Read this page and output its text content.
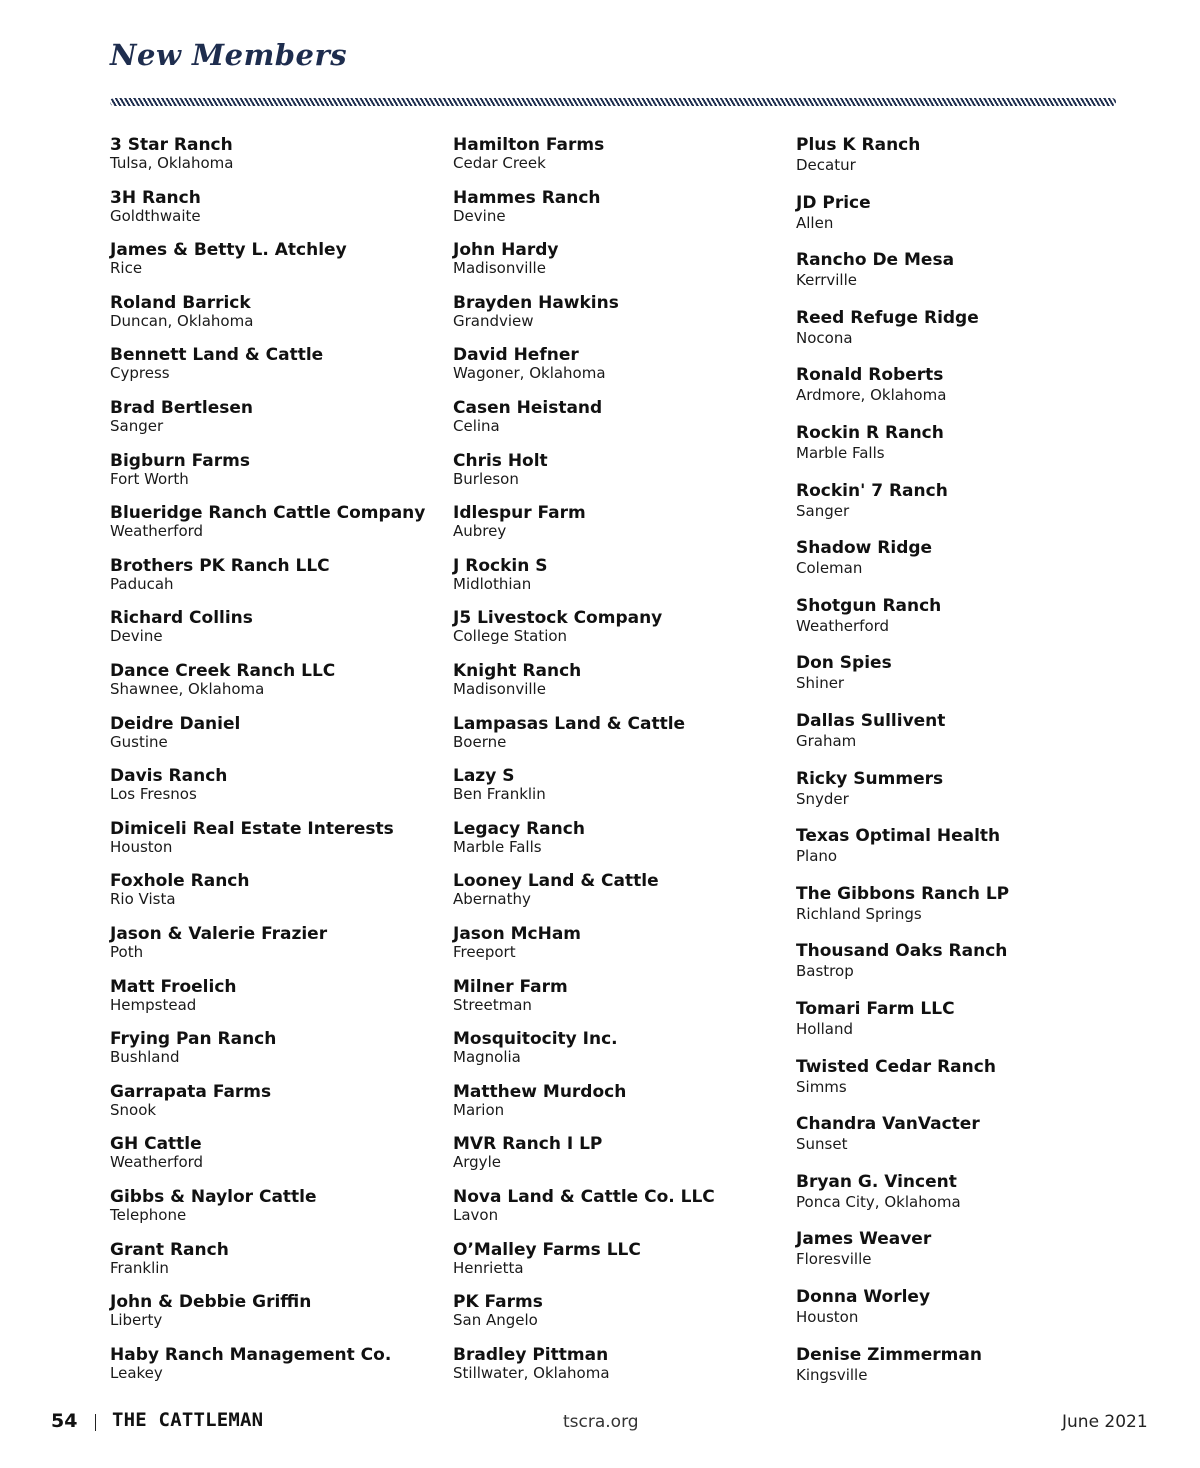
New Members
3 Star Ranch
Tulsa, Oklahoma
3H Ranch
Goldthwaite
James & Betty L. Atchley
Rice
Roland Barrick
Duncan, Oklahoma
Bennett Land & Cattle
Cypress
Brad Bertlesen
Sanger
Bigburn Farms
Fort Worth
Blueridge Ranch Cattle Company
Weatherford
Brothers PK Ranch LLC
Paducah
Richard Collins
Devine
Dance Creek Ranch LLC
Shawnee, Oklahoma
Deidre Daniel
Gustine
Davis Ranch
Los Fresnos
Dimiceli Real Estate Interests
Houston
Foxhole Ranch
Rio Vista
Jason & Valerie Frazier
Poth
Matt Froelich
Hempstead
Frying Pan Ranch
Bushland
Garrapata Farms
Snook
GH Cattle
Weatherford
Gibbs & Naylor Cattle
Telephone
Grant Ranch
Franklin
John & Debbie Griffin
Liberty
Haby Ranch Management Co.
Leakey
Hamilton Farms
Cedar Creek
Hammes Ranch
Devine
John Hardy
Madisonville
Brayden Hawkins
Grandview
David Hefner
Wagoner, Oklahoma
Casen Heistand
Celina
Chris Holt
Burleson
Idlespur Farm
Aubrey
J Rockin S
Midlothian
J5 Livestock Company
College Station
Knight Ranch
Madisonville
Lampasas Land & Cattle
Boerne
Lazy S
Ben Franklin
Legacy Ranch
Marble Falls
Looney Land & Cattle
Abernathy
Jason McHam
Freeport
Milner Farm
Streetman
Mosquitocity Inc.
Magnolia
Matthew Murdoch
Marion
MVR Ranch I LP
Argyle
Nova Land & Cattle Co. LLC
Lavon
O’Malley Farms LLC
Henrietta
PK Farms
San Angelo
Bradley Pittman
Stillwater, Oklahoma
Plus K Ranch
Decatur
JD Price
Allen
Rancho De Mesa
Kerrville
Reed Refuge Ridge
Nocona
Ronald Roberts
Ardmore, Oklahoma
Rockin R Ranch
Marble Falls
Rockin' 7 Ranch
Sanger
Shadow Ridge
Coleman
Shotgun Ranch
Weatherford
Don Spies
Shiner
Dallas Sullivent
Graham
Ricky Summers
Snyder
Texas Optimal Health
Plano
The Gibbons Ranch LP
Richland Springs
Thousand Oaks Ranch
Bastrop
Tomari Farm LLC
Holland
Twisted Cedar Ranch
Simms
Chandra VanVacter
Sunset
Bryan G. Vincent
Ponca City, Oklahoma
James Weaver
Floresville
Donna Worley
Houston
Denise Zimmerman
Kingsville
54 THE CATTLEMAN	tscra.org	June 2021
